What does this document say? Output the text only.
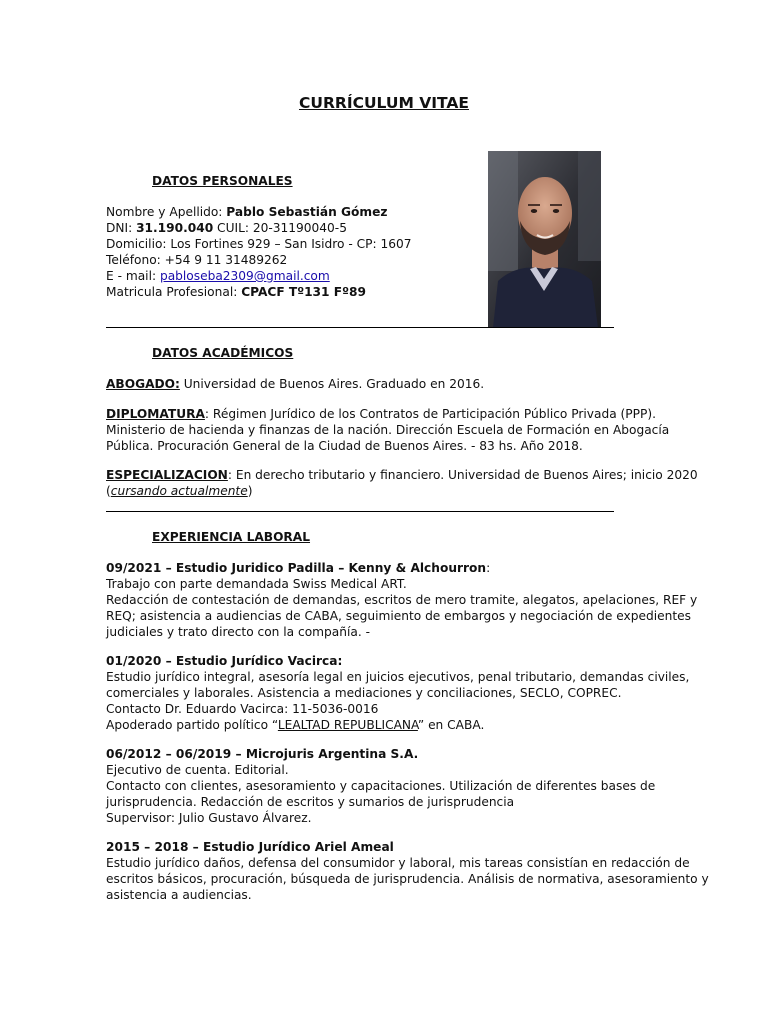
CURRÍCULUM VITAE
DATOS PERSONALES
Nombre y Apellido: Pablo Sebastián Gómez
DNI: 31.190.040 CUIL: 20-31190040-5
Domicilio: Los Fortines 929 – San Isidro - CP: 1607
Teléfono: +54 9 11 31489262
E - mail: pabloseba2309@gmail.com
Matricula Profesional: CPACF Tº131 Fº89
DATOS ACADÉMICOS
ABOGADO: Universidad de Buenos Aires. Graduado en 2016.
DIPLOMATURA: Régimen Jurídico de los Contratos de Participación Público Privada (PPP).
Ministerio de hacienda y finanzas de la nación. Dirección Escuela de Formación en Abogacía
Pública. Procuración General de la Ciudad de Buenos Aires. - 83 hs. Año 2018.
ESPECIALIZACION: En derecho tributario y financiero. Universidad de Buenos Aires; inicio 2020
(cursando actualmente)
EXPERIENCIA LABORAL
09/2021 – Estudio Juridico Padilla – Kenny & Alchourron:
Trabajo con parte demandada Swiss Medical ART.
Redacción de contestación de demandas, escritos de mero tramite, alegatos, apelaciones, REF y
REQ; asistencia a audiencias de CABA, seguimiento de embargos y negociación de expedientes
judiciales y trato directo con la compañía. -
01/2020 – Estudio Jurídico Vacirca:
Estudio jurídico integral, asesoría legal en juicios ejecutivos, penal tributario, demandas civiles,
comerciales y laborales. Asistencia a mediaciones y conciliaciones, SECLO, COPREC.
Contacto Dr. Eduardo Vacirca: 11-5036-0016
Apoderado partido político “LEALTAD REPUBLICANA” en CABA.
06/2012 – 06/2019 – Microjuris Argentina S.A.
Ejecutivo de cuenta. Editorial.
Contacto con clientes, asesoramiento y capacitaciones. Utilización de diferentes bases de
jurisprudencia. Redacción de escritos y sumarios de jurisprudencia
Supervisor: Julio Gustavo Álvarez.
2015 – 2018 – Estudio Jurídico Ariel Ameal
Estudio jurídico daños, defensa del consumidor y laboral, mis tareas consistían en redacción de
escritos básicos, procuración, búsqueda de jurisprudencia. Análisis de normativa, asesoramiento y
asistencia a audiencias.
